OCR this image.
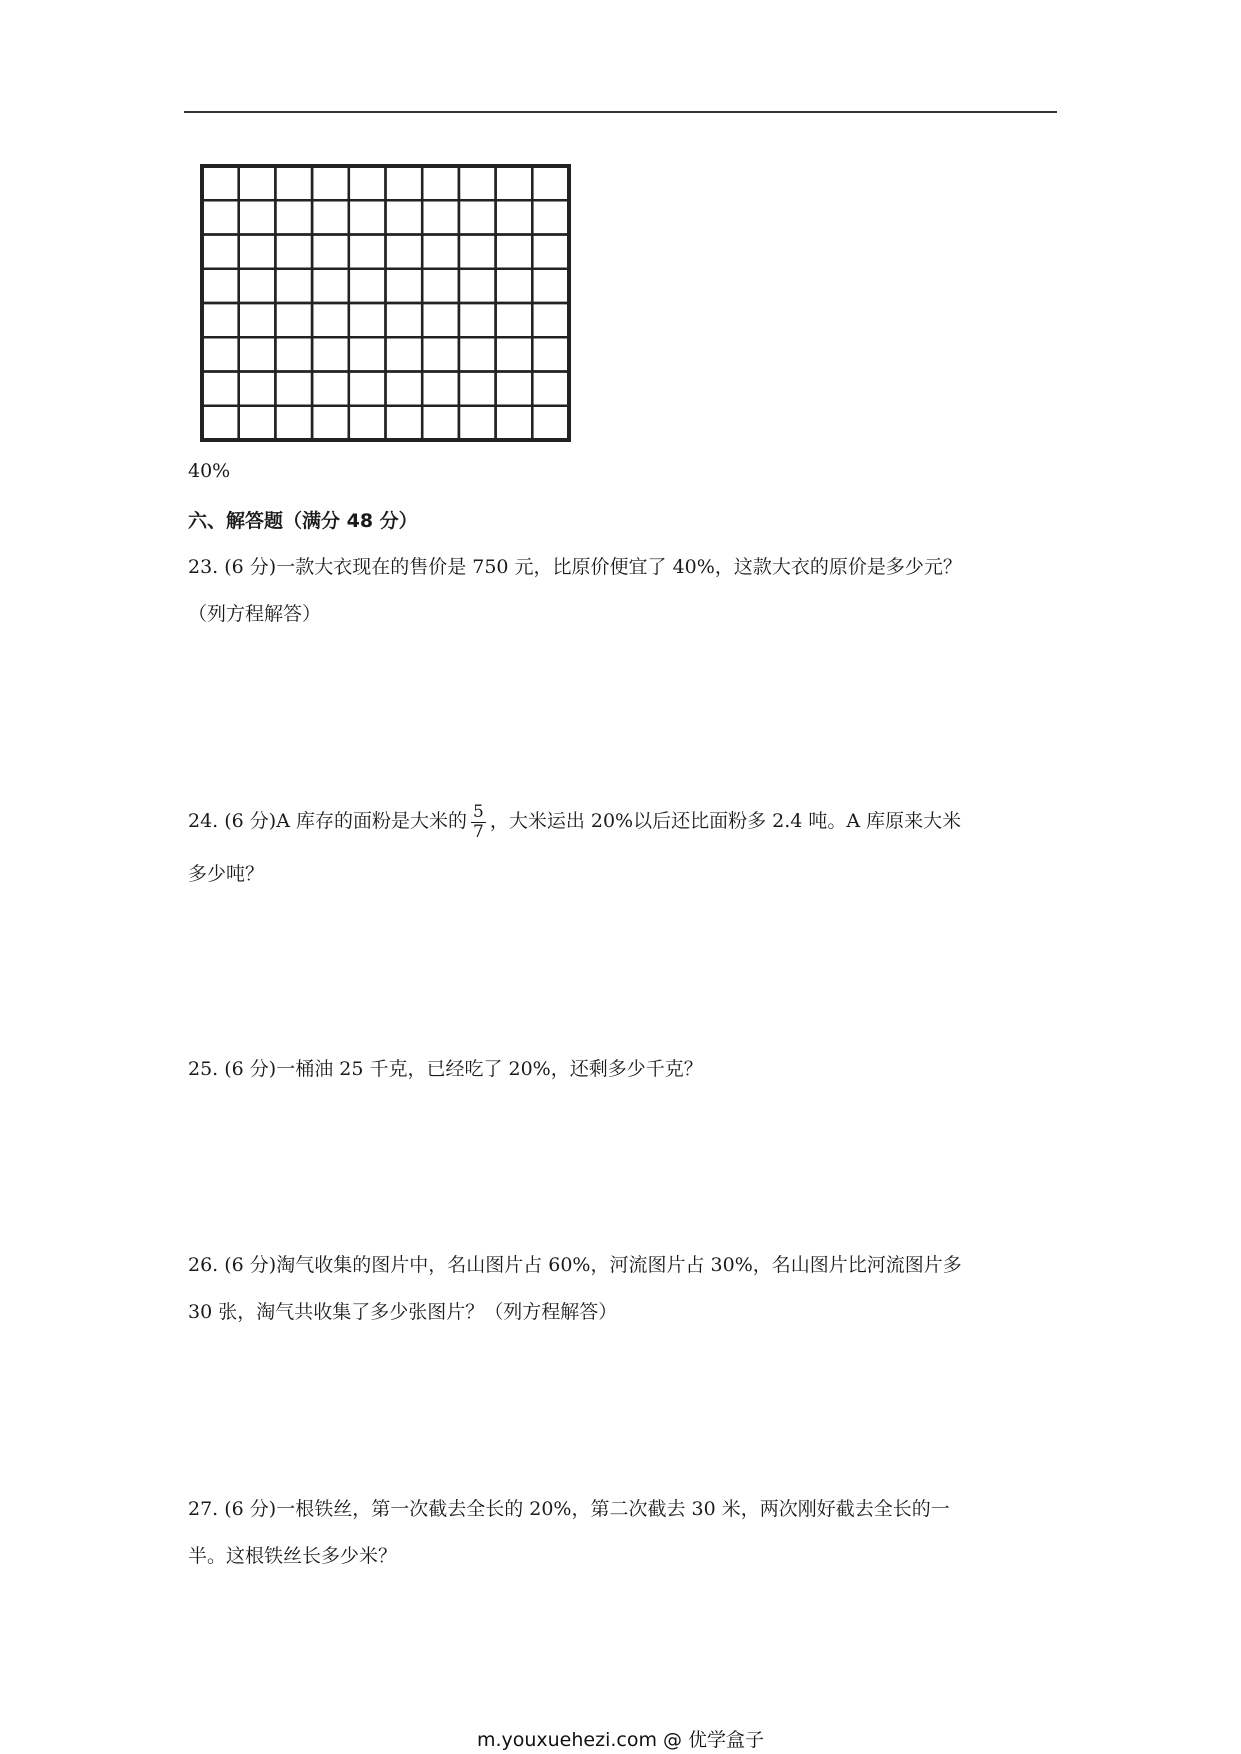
40%
六、解答题（满分 48 分）
23. (6 分)一款大衣现在的售价是 750 元，比原价便宜了 40%，这款大衣的原价是多少元？
（列方程解答）
24. (6 分)A 库存的面粉是大米的 $\frac{5}{7}$ ，大米运出 20%以后还比面粉多 2.4 吨。A 库原来大米
多少吨？
25. (6 分)一桶油 25 千克，已经吃了 20%，还剩多少千克？
26. (6 分)淘气收集的图片中，名山图片占 60%，河流图片占 30%，名山图片比河流图片多
30 张，淘气共收集了多少张图片？（列方程解答）
27. (6 分)一根铁丝，第一次截去全长的 20%，第二次截去 30 米，两次刚好截去全长的一
半。这根铁丝长多少米？
m.youxuehezi.com @ 优学盒子
